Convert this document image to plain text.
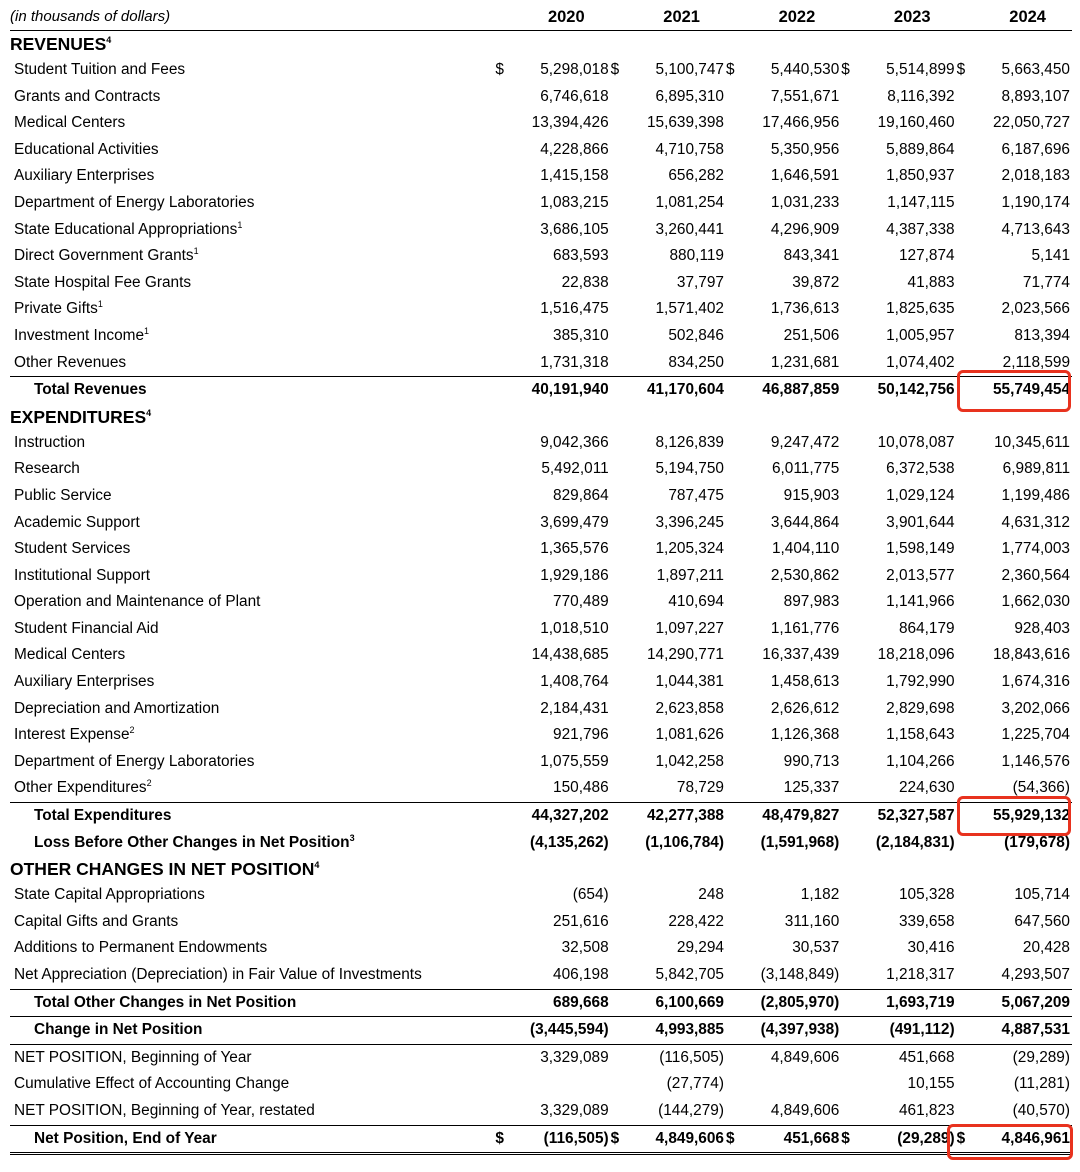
(in thousands of dollars)	2020		2021		2022		2023		2024	
REVENUES$^4$
Student Tuition and Fees	$	5,298,018	$	5,100,747	$	5,440,530	$	5,514,899	$	5,663,450
Grants and Contracts		6,746,618		6,895,310		7,551,671		8,116,392		8,893,107
Medical Centers		13,394,426		15,639,398		17,466,956		19,160,460		22,050,727
Educational Activities		4,228,866		4,710,758		5,350,956		5,889,864		6,187,696
Auxiliary Enterprises		1,415,158		656,282		1,646,591		1,850,937		2,018,183
Department of Energy Laboratories		1,083,215		1,081,254		1,031,233		1,147,115		1,190,174
State Educational Appropriations$^1$		3,686,105		3,260,441		4,296,909		4,387,338		4,713,643
Direct Government Grants$^1$		683,593		880,119		843,341		127,874		5,141
State Hospital Fee Grants		22,838		37,797		39,872		41,883		71,774
Private Gifts$^1$		1,516,475		1,571,402		1,736,613		1,825,635		2,023,566
Investment Income$^1$		385,310		502,846		251,506		1,005,957		813,394
Other Revenues		1,731,318		834,250		1,231,681		1,074,402		2,118,599
Total Revenues		40,191,940		41,170,604		46,887,859		50,142,756		55,749,454
EXPENDITURES$^4$
Instruction		9,042,366		8,126,839		9,247,472		10,078,087		10,345,611
Research		5,492,011		5,194,750		6,011,775		6,372,538		6,989,811
Public Service		829,864		787,475		915,903		1,029,124		1,199,486
Academic Support		3,699,479		3,396,245		3,644,864		3,901,644		4,631,312
Student Services		1,365,576		1,205,324		1,404,110		1,598,149		1,774,003
Institutional Support		1,929,186		1,897,211		2,530,862		2,013,577		2,360,564
Operation and Maintenance of Plant		770,489		410,694		897,983		1,141,966		1,662,030
Student Financial Aid		1,018,510		1,097,227		1,161,776		864,179		928,403
Medical Centers		14,438,685		14,290,771		16,337,439		18,218,096		18,843,616
Auxiliary Enterprises		1,408,764		1,044,381		1,458,613		1,792,990		1,674,316
Depreciation and Amortization		2,184,431		2,623,858		2,626,612		2,829,698		3,202,066
Interest Expense$^2$		921,796		1,081,626		1,126,368		1,158,643		1,225,704
Department of Energy Laboratories		1,075,559		1,042,258		990,713		1,104,266		1,146,576
Other Expenditures$^2$		150,486		78,729		125,337		224,630		(54,366)
Total Expenditures		44,327,202		42,277,388		48,479,827		52,327,587		55,929,132
Loss Before Other Changes in Net Position$^3$		(4,135,262)		(1,106,784)		(1,591,968)		(2,184,831)		(179,678)
OTHER CHANGES IN NET POSITION$^4$
State Capital Appropriations		(654)		248		1,182		105,328		105,714
Capital Gifts and Grants		251,616		228,422		311,160		339,658		647,560
Additions to Permanent Endowments		32,508		29,294		30,537		30,416		20,428
Net Appreciation (Depreciation) in Fair Value of Investments		406,198		5,842,705		(3,148,849)		1,218,317		4,293,507
Total Other Changes in Net Position		689,668		6,100,669		(2,805,970)		1,693,719		5,067,209
Change in Net Position		(3,445,594)		4,993,885		(4,397,938)		(491,112)		4,887,531
NET POSITION, Beginning of Year		3,329,089		(116,505)		4,849,606		451,668		(29,289)
Cumulative Effect of Accounting Change				(27,774)				10,155		(11,281)
NET POSITION, Beginning of Year, restated		3,329,089		(144,279)		4,849,606		461,823		(40,570)
Net Position, End of Year	$	(116,505)	$	4,849,606	$	451,668	$	(29,289)	$	4,846,961
